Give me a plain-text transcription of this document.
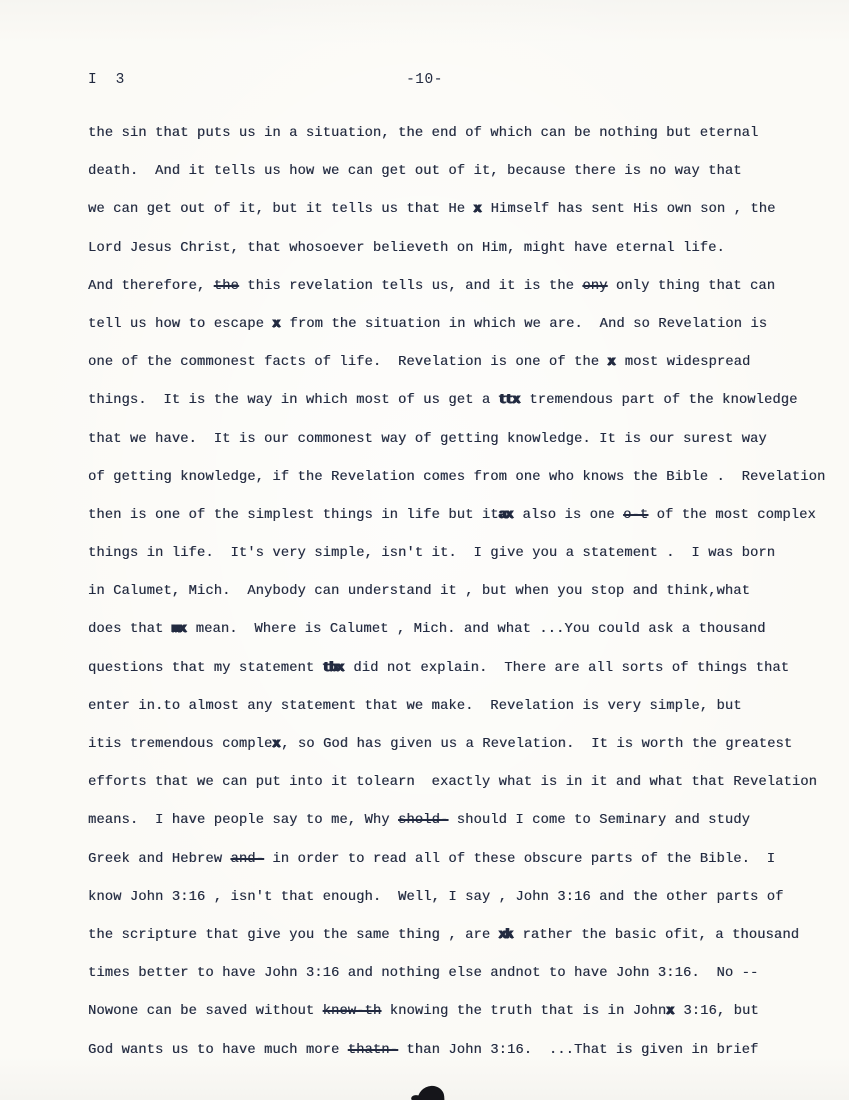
I  3	-10-
the sin that puts us in a situation, the end of which can be nothing but eternal
death.  And it tells us how we can get out of it, because there is no way that
we can get out of it, but it tells us that He x Himself has sent His own son , the
Lord Jesus Christ, that whosoever believeth on Him, might have eternal life.
And therefore, the this revelation tells us, and it is the ony only thing that can
tell us how to escape x from the situation in which we are.  And so Revelation is
one of the commonest facts of life.  Revelation is one of the x most widespread
things.  It is the way in which most of us get a ttx tremendous part of the knowledge
that we have.  It is our commonest way of getting knowledge. It is our surest way
of getting knowledge, if the Revelation comes from one who knows the Bible .  Revelation
then is one of the simplest things in life but itax also is one o-t of the most complex
things in life.  It's very simple, isn't it.  I give you a statement .  I was born
in Calumet, Mich.  Anybody can understand it , but when you stop and think,what
does that mx mean.  Where is Calumet , Mich. and what ...You could ask a thousand
questions that my statement tbx did not explain.  There are all sorts of things that
enter in.to almost any statement that we make.  Revelation is very simple, but
itis tremendous complex , so God has given us a Revelation.  It is worth the greatest
efforts that we can put into it tolearn  exactly what is in it and what that Revelation
means.  I have people say to me, Why shold- should I come to Seminary and study
Greek and Hebrew and- in order to read all of these obscure parts of the Bible.  I
know John 3:16 , isn't that enough.  Well, I say , John 3:16 and the other parts of
the scripture that give you the same thing , are xk rather the basic ofit, a thousand
times better to have John 3:16 and nothing else andnot to have John 3:16.  No --
Nowone can be saved without knew-th knowing the truth that is in Johnx 3:16, but
God wants us to have much more thatn- than John 3:16.  ...That is given in brief
